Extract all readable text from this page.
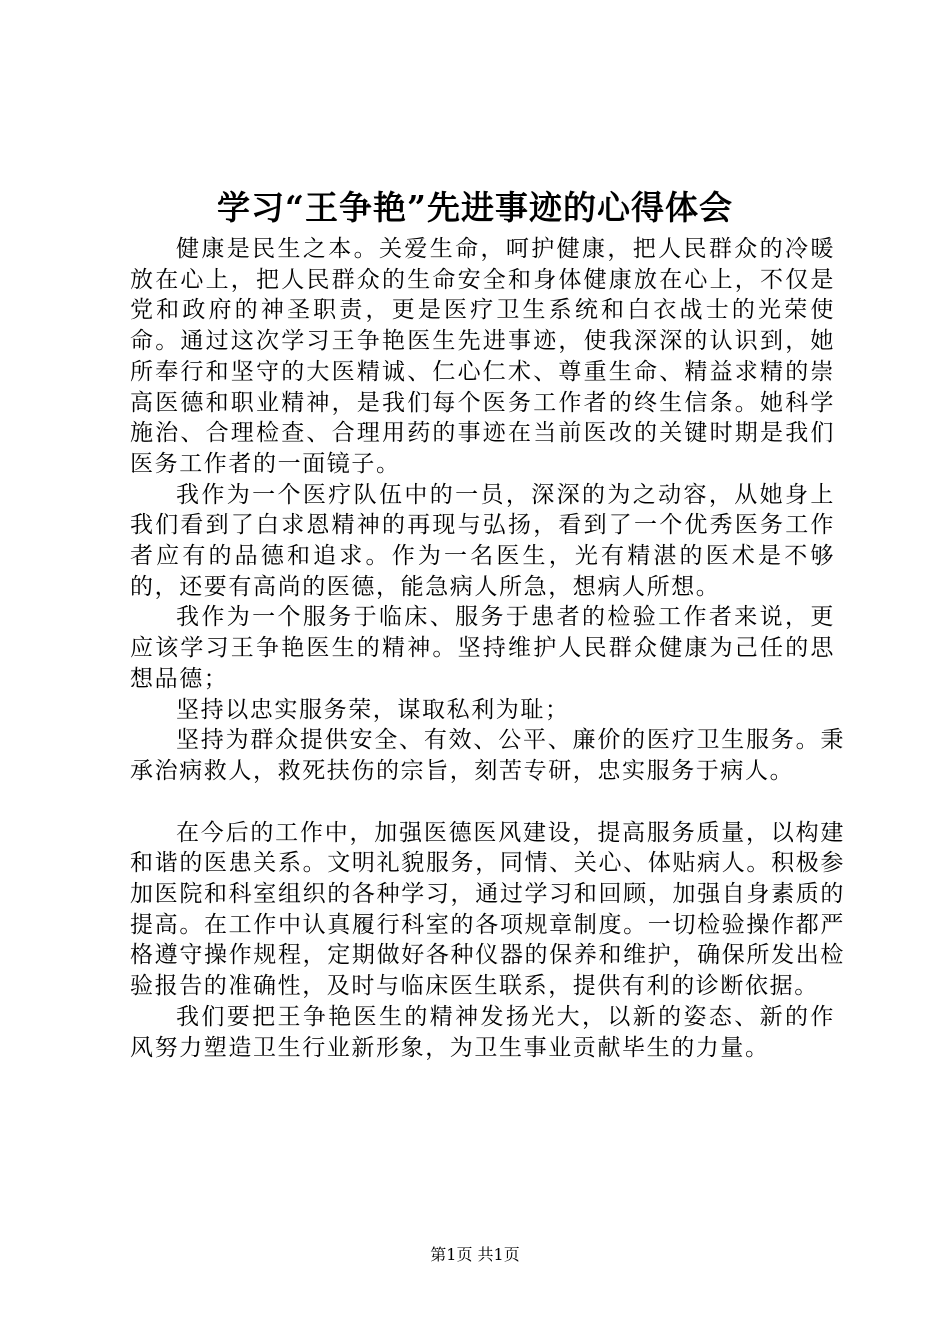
学习“王争艳”先进事迹的心得体会

健康是民生之本。关爱生命，呵护健康，把人民群众的冷暖放在心上，把人民群众的生命安全和身体健康放在心上，不仅是党和政府的神圣职责，更是医疗卫生系统和白衣战士的光荣使命。通过这次学习王争艳医生先进事迹，使我深深的认识到，她所奉行和坚守的大医精诚、仁心仁术、尊重生命、精益求精的崇高医德和职业精神，是我们每个医务工作者的终生信条。她科学施治、合理检查、合理用药的事迹在当前医改的关键时期是我们医务工作者的一面镜子。

我作为一个医疗队伍中的一员，深深的为之动容，从她身上我们看到了白求恩精神的再现与弘扬，看到了一个优秀医务工作者应有的品德和追求。作为一名医生，光有精湛的医术是不够的，还要有高尚的医德，能急病人所急，想病人所想。

我作为一个服务于临床、服务于患者的检验工作者来说，更应该学习王争艳医生的精神。坚持维护人民群众健康为己任的思想品德；

坚持以忠实服务荣，谋取私利为耻；

坚持为群众提供安全、有效、公平、廉价的医疗卫生服务。秉承治病救人，救死扶伤的宗旨，刻苦专研，忠实服务于病人。

在今后的工作中，加强医德医风建设，提高服务质量，以构建和谐的医患关系。文明礼貌服务，同情、关心、体贴病人。积极参加医院和科室组织的各种学习，通过学习和回顾，加强自身素质的提高。在工作中认真履行科室的各项规章制度。一切检验操作都严格遵守操作规程，定期做好各种仪器的保养和维护，确保所发出检验报告的准确性，及时与临床医生联系，提供有利的诊断依据。

我们要把王争艳医生的精神发扬光大，以新的姿态、新的作风努力塑造卫生行业新形象，为卫生事业贡献毕生的力量。

第1页 共1页
